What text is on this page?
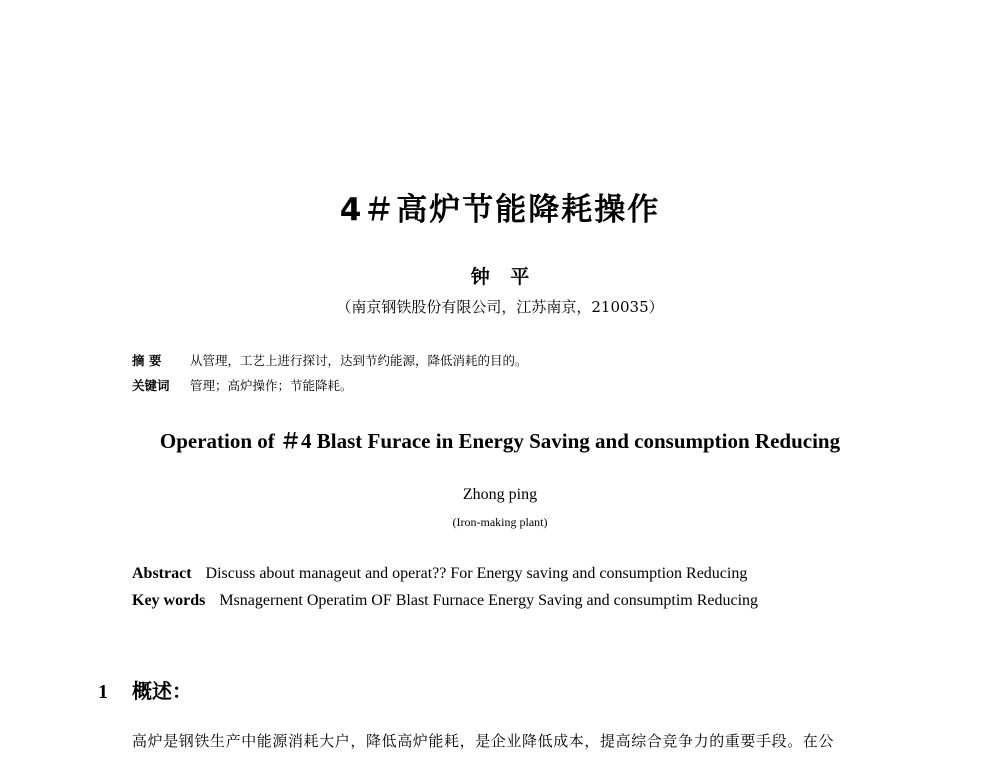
4＃高炉节能降耗操作
钟 平
（南京钢铁股份有限公司，江苏南京，210035）
摘 要 从管理，工艺上进行探讨，达到节约能源，降低消耗的目的。
关键词 管理；高炉操作；节能降耗。
Operation of ＃4 Blast Furace in Energy Saving and consumption Reducing
Zhong ping
(Iron-making plant)
Abstract Discuss about manageut and operat?? For Energy saving and consumption Reducing
Key words Msnagernent Operatim OF Blast Furnace Energy Saving and consumptim Reducing
1 概述：
高炉是钢铁生产中能源消耗大户，降低高炉能耗，是企业降低成本，提高综合竞争力的重要手段。在公
